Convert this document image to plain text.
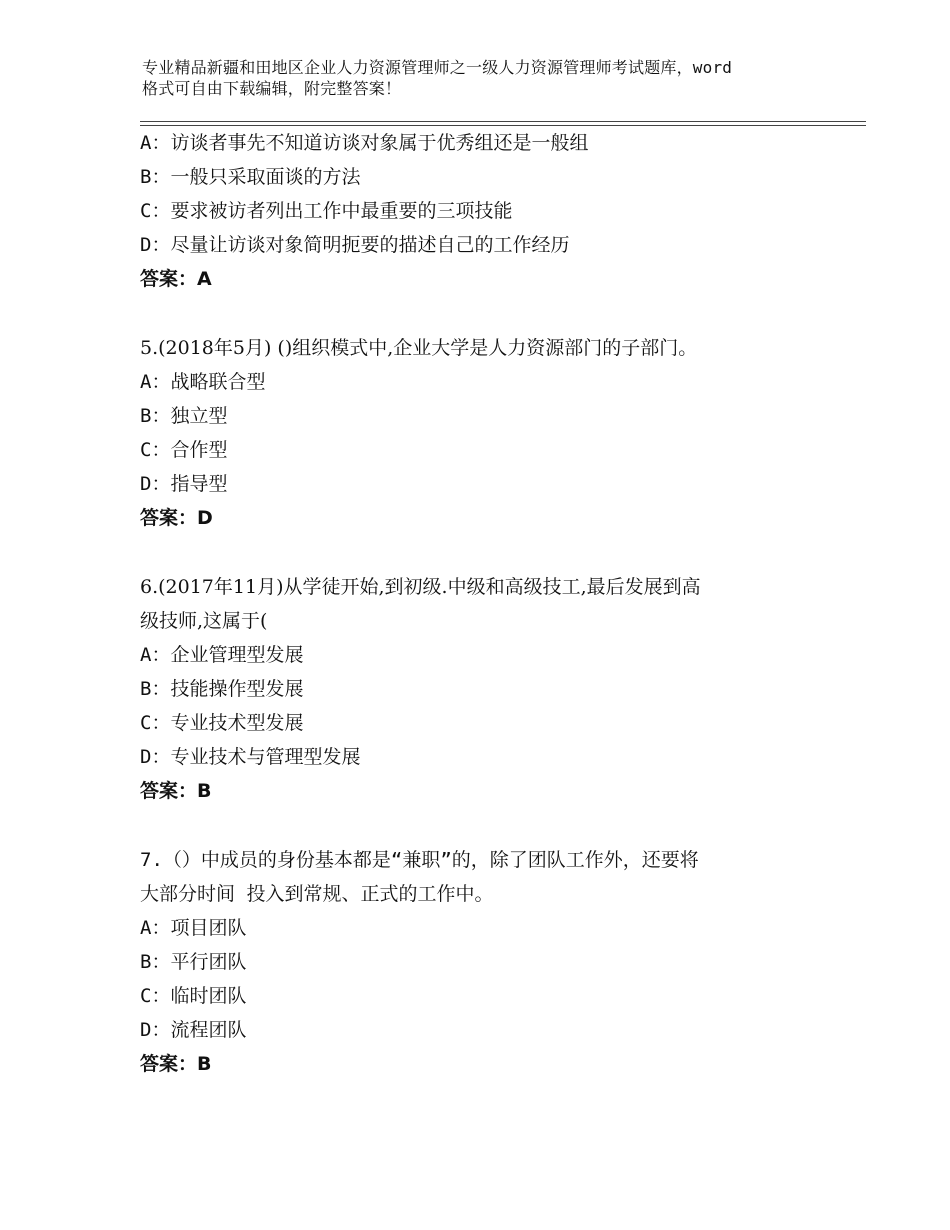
专业精品新疆和田地区企业人力资源管理师之一级人力资源管理师考试题库，word
格式可自由下载编辑，附完整答案！
A：访谈者事先不知道访谈对象属于优秀组还是一般组
B：一般只采取面谈的方法
C：要求被访者列出工作中最重要的三项技能
D：尽量让访谈对象简明扼要的描述自己的工作经历
答案：A
5.(2018年5月) ()组织模式中,企业大学是人力资源部门的子部门。
A：战略联合型
B：独立型
C：合作型
D：指导型
答案：D
6.(2017年11月)从学徒开始,到初级.中级和高级技工,最后发展到高
级技师,这属于(
A：企业管理型发展
B：技能操作型发展
C：专业技术型发展
D：专业技术与管理型发展
答案：B
7.（）中成员的身份基本都是“兼职”的，除了团队工作外，还要将
大部分时间 投入到常规、正式的工作中。
A：项目团队
B：平行团队
C：临时团队
D：流程团队
答案：B
